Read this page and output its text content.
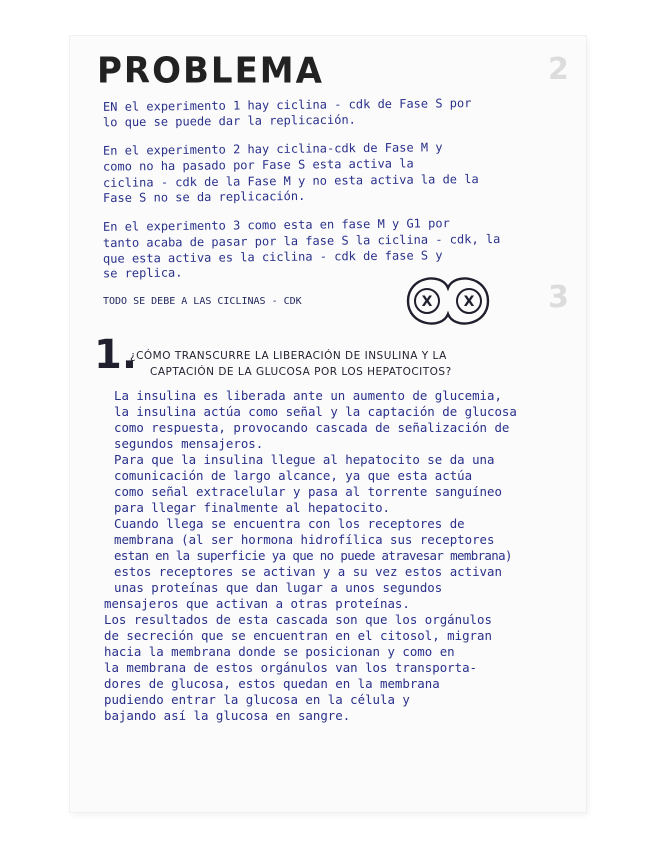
2
3
PROBLEMA
EN el experimento 1 hay ciclina - cdk de Fase S por
lo que se puede dar la replicación.
En el experimento 2 hay ciclina-cdk de Fase M y
como no ha pasado por Fase S esta activa la
ciclina - cdk de la Fase M y no esta activa la de la
Fase S no se da replicación.
En el experimento 3 como esta en fase M y G1 por
tanto acaba de pasar por la fase S la ciclina - cdk, la
que esta activa es la ciclina - cdk de fase S y
se replica.
TODO SE DEBE A LAS CICLINAS - CDK	X X
1.
¿CÓMO TRANSCURRE LA LIBERACIÓN DE INSULINA Y LA
CAPTACIÓN DE LA GLUCOSA POR LOS HEPATOCITOS?
La insulina es liberada ante un aumento de glucemia,
la insulina actúa como señal y la captación de glucosa
como respuesta, provocando cascada de señalización de
segundos mensajeros.
Para que la insulina llegue al hepatocito se da una
comunicación de largo alcance, ya que esta actúa
como señal extracelular y pasa al torrente sanguíneo
para llegar finalmente al hepatocito.
Cuando llega se encuentra con los receptores de
membrana (al ser hormona hidrofílica sus receptores
estan en la superficie ya que no puede atravesar membrana)
estos receptores se activan y a su vez estos activan
unas proteínas que dan lugar a unos segundos
mensajeros que activan a otras proteínas.
Los resultados de esta cascada son que los orgánulos
de secreción que se encuentran en el citosol, migran
hacia la membrana donde se posicionan y como en
la membrana de estos orgánulos van los transporta-
dores de glucosa, estos quedan en la membrana
pudiendo entrar la glucosa en la célula y
bajando así la glucosa en sangre.
